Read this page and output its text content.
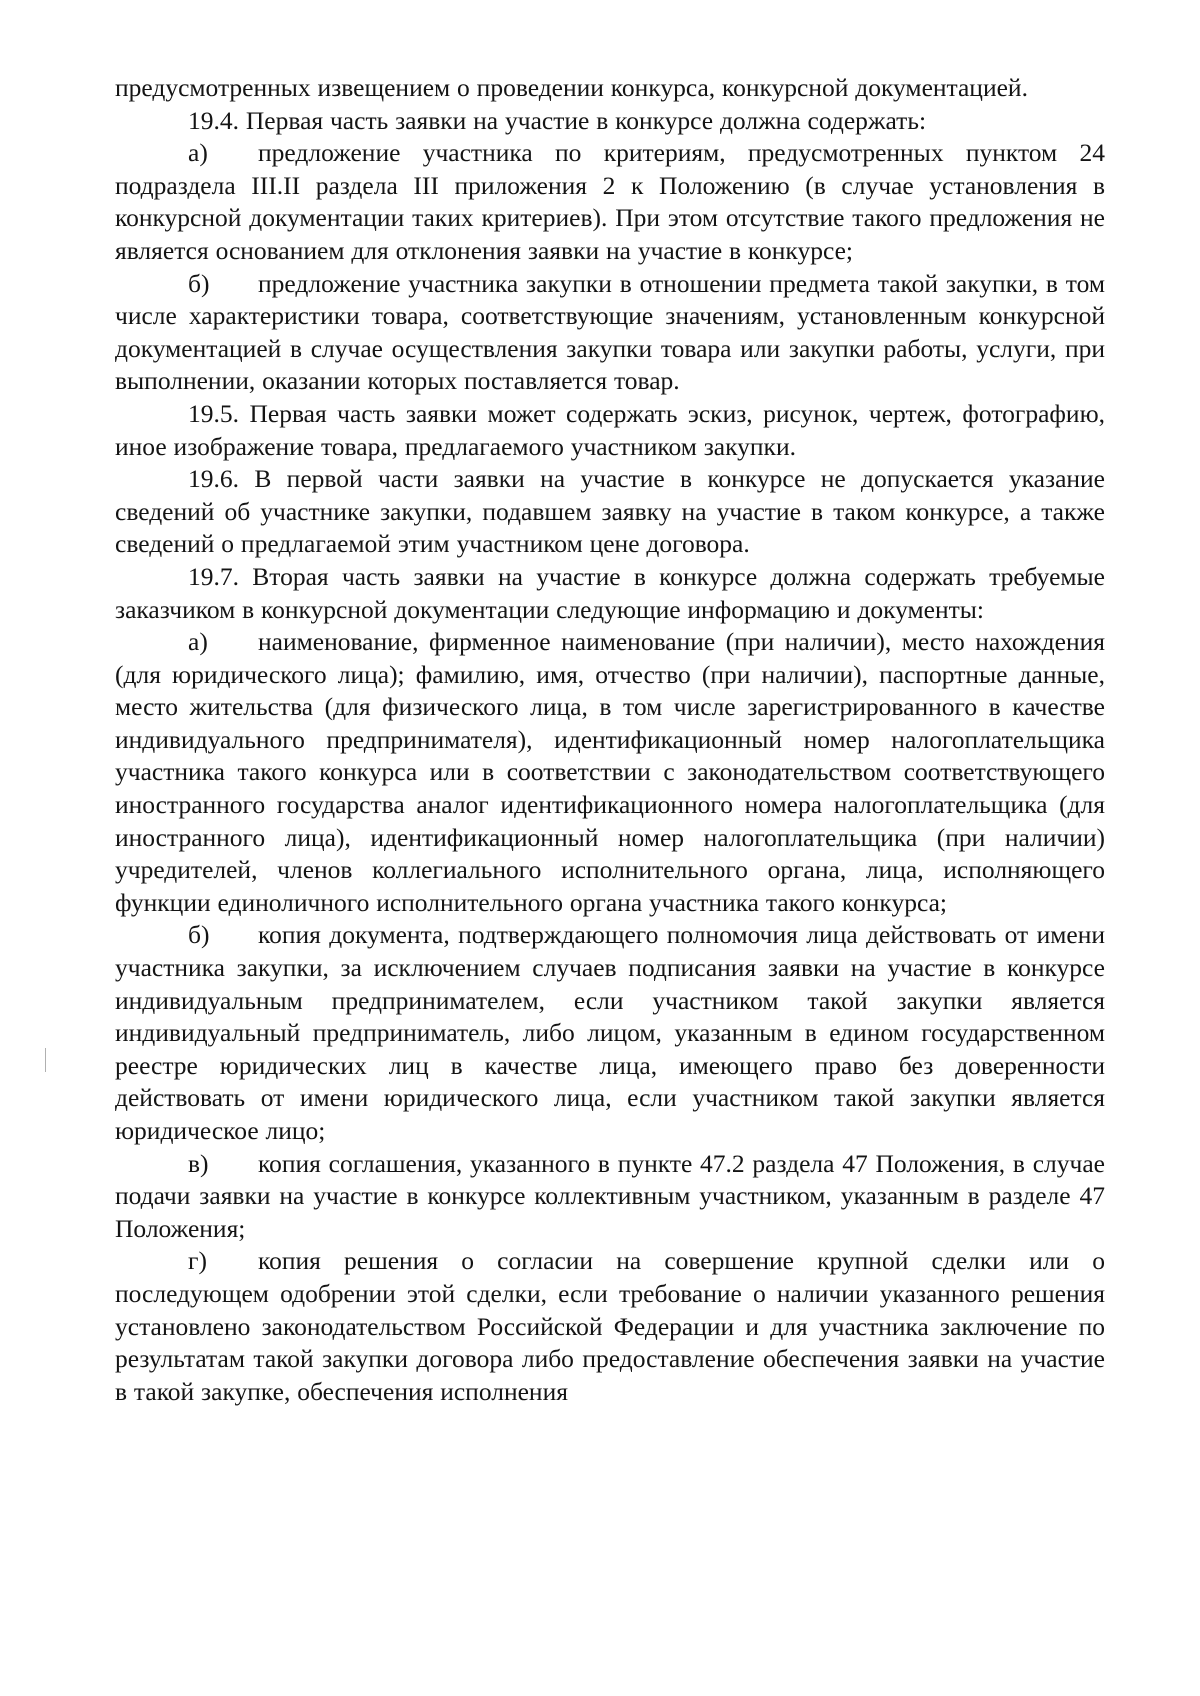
предусмотренных извещением о проведении конкурса, конкурсной документацией.

19.4. Первая часть заявки на участие в конкурсе должна содержать:

а) предложение участника по критериям, предусмотренных пунктом 24 подраздела III.II раздела III приложения 2 к Положению (в случае установления в конкурсной документации таких критериев). При этом отсутствие такого предложения не является основанием для отклонения заявки на участие в конкурсе;

б) предложение участника закупки в отношении предмета такой закупки, в том числе характеристики товара, соответствующие значениям, установленным конкурсной документацией в случае осуществления закупки товара или закупки работы, услуги, при выполнении, оказании которых поставляется товар.

19.5. Первая часть заявки может содержать эскиз, рисунок, чертеж, фотографию, иное изображение товара, предлагаемого участником закупки.

19.6. В первой части заявки на участие в конкурсе не допускается указание сведений об участнике закупки, подавшем заявку на участие в таком конкурсе, а также сведений о предлагаемой этим участником цене договора.

19.7. Вторая часть заявки на участие в конкурсе должна содержать требуемые заказчиком в конкурсной документации следующие информацию и документы:

а) наименование, фирменное наименование (при наличии), место нахождения (для юридического лица); фамилию, имя, отчество (при наличии), паспортные данные, место жительства (для физического лица, в том числе зарегистрированного в качестве индивидуального предпринимателя), идентификационный номер налогоплательщика участника такого конкурса или в соответствии с законодательством соответствующего иностранного государства аналог идентификационного номера налогоплательщика (для иностранного лица), идентификационный номер налогоплательщика (при наличии) учредителей, членов коллегиального исполнительного органа, лица, исполняющего функции единоличного исполнительного органа участника такого конкурса;

б) копия документа, подтверждающего полномочия лица действовать от имени участника закупки, за исключением случаев подписания заявки на участие в конкурсе индивидуальным предпринимателем, если участником такой закупки является индивидуальный предприниматель, либо лицом, указанным в едином государственном реестре юридических лиц в качестве лица, имеющего право без доверенности действовать от имени юридического лица, если участником такой закупки является юридическое лицо;

в) копия соглашения, указанного в пункте 47.2 раздела 47 Положения, в случае подачи заявки на участие в конкурсе коллективным участником, указанным в разделе 47 Положения;

г) копия решения о согласии на совершение крупной сделки или о последующем одобрении этой сделки, если требование о наличии указанного решения установлено законодательством Российской Федерации и для участника заключение по результатам такой закупки договора либо предоставление обеспечения заявки на участие в такой закупке, обеспечения исполнения
